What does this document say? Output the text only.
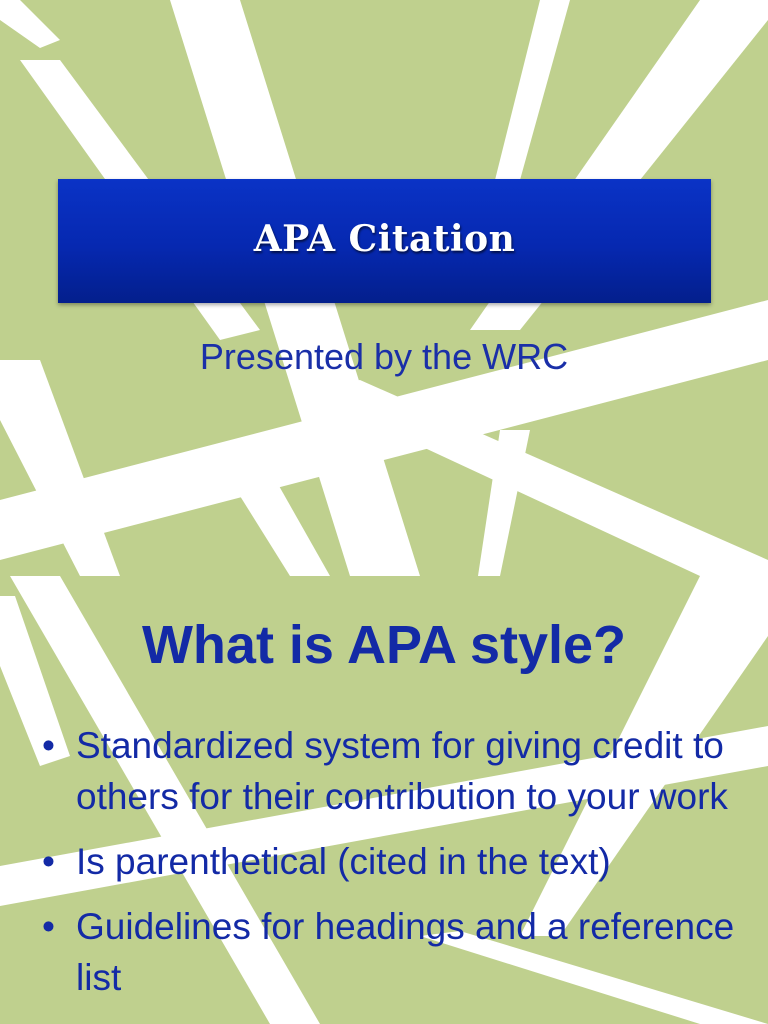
APA Citation
Presented by the WRC
What is APA style?
• Standardized system for giving credit to others for their contribution to your work
• Is parenthetical (cited in the text)
• Guidelines for headings and a reference list
